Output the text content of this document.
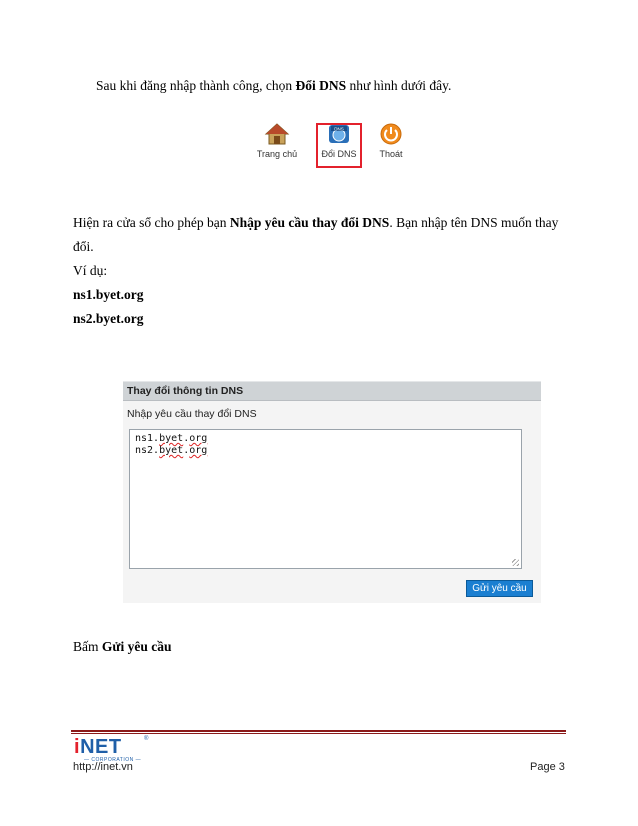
Sau khi đăng nhập thành công, chọn Đổi DNS như hình dưới đây.
Trang chủ
DNS
Đổi DNS	Thoát
Hiện ra cửa sổ cho phép bạn Nhập yêu cầu thay đổi DNS. Bạn nhập tên DNS muốn thay
đổi.
Ví dụ:
ns1.byet.org
ns2.byet.org
Thay đổi thông tin DNS
Nhập yêu cầu thay đổi DNS
ns1.byet.org
ns2.byet.org
Gửi yêu cầu
Bấm Gửi yêu cầu
iNET	®
— CORPORATION —
http://inet.vn	Page 3
